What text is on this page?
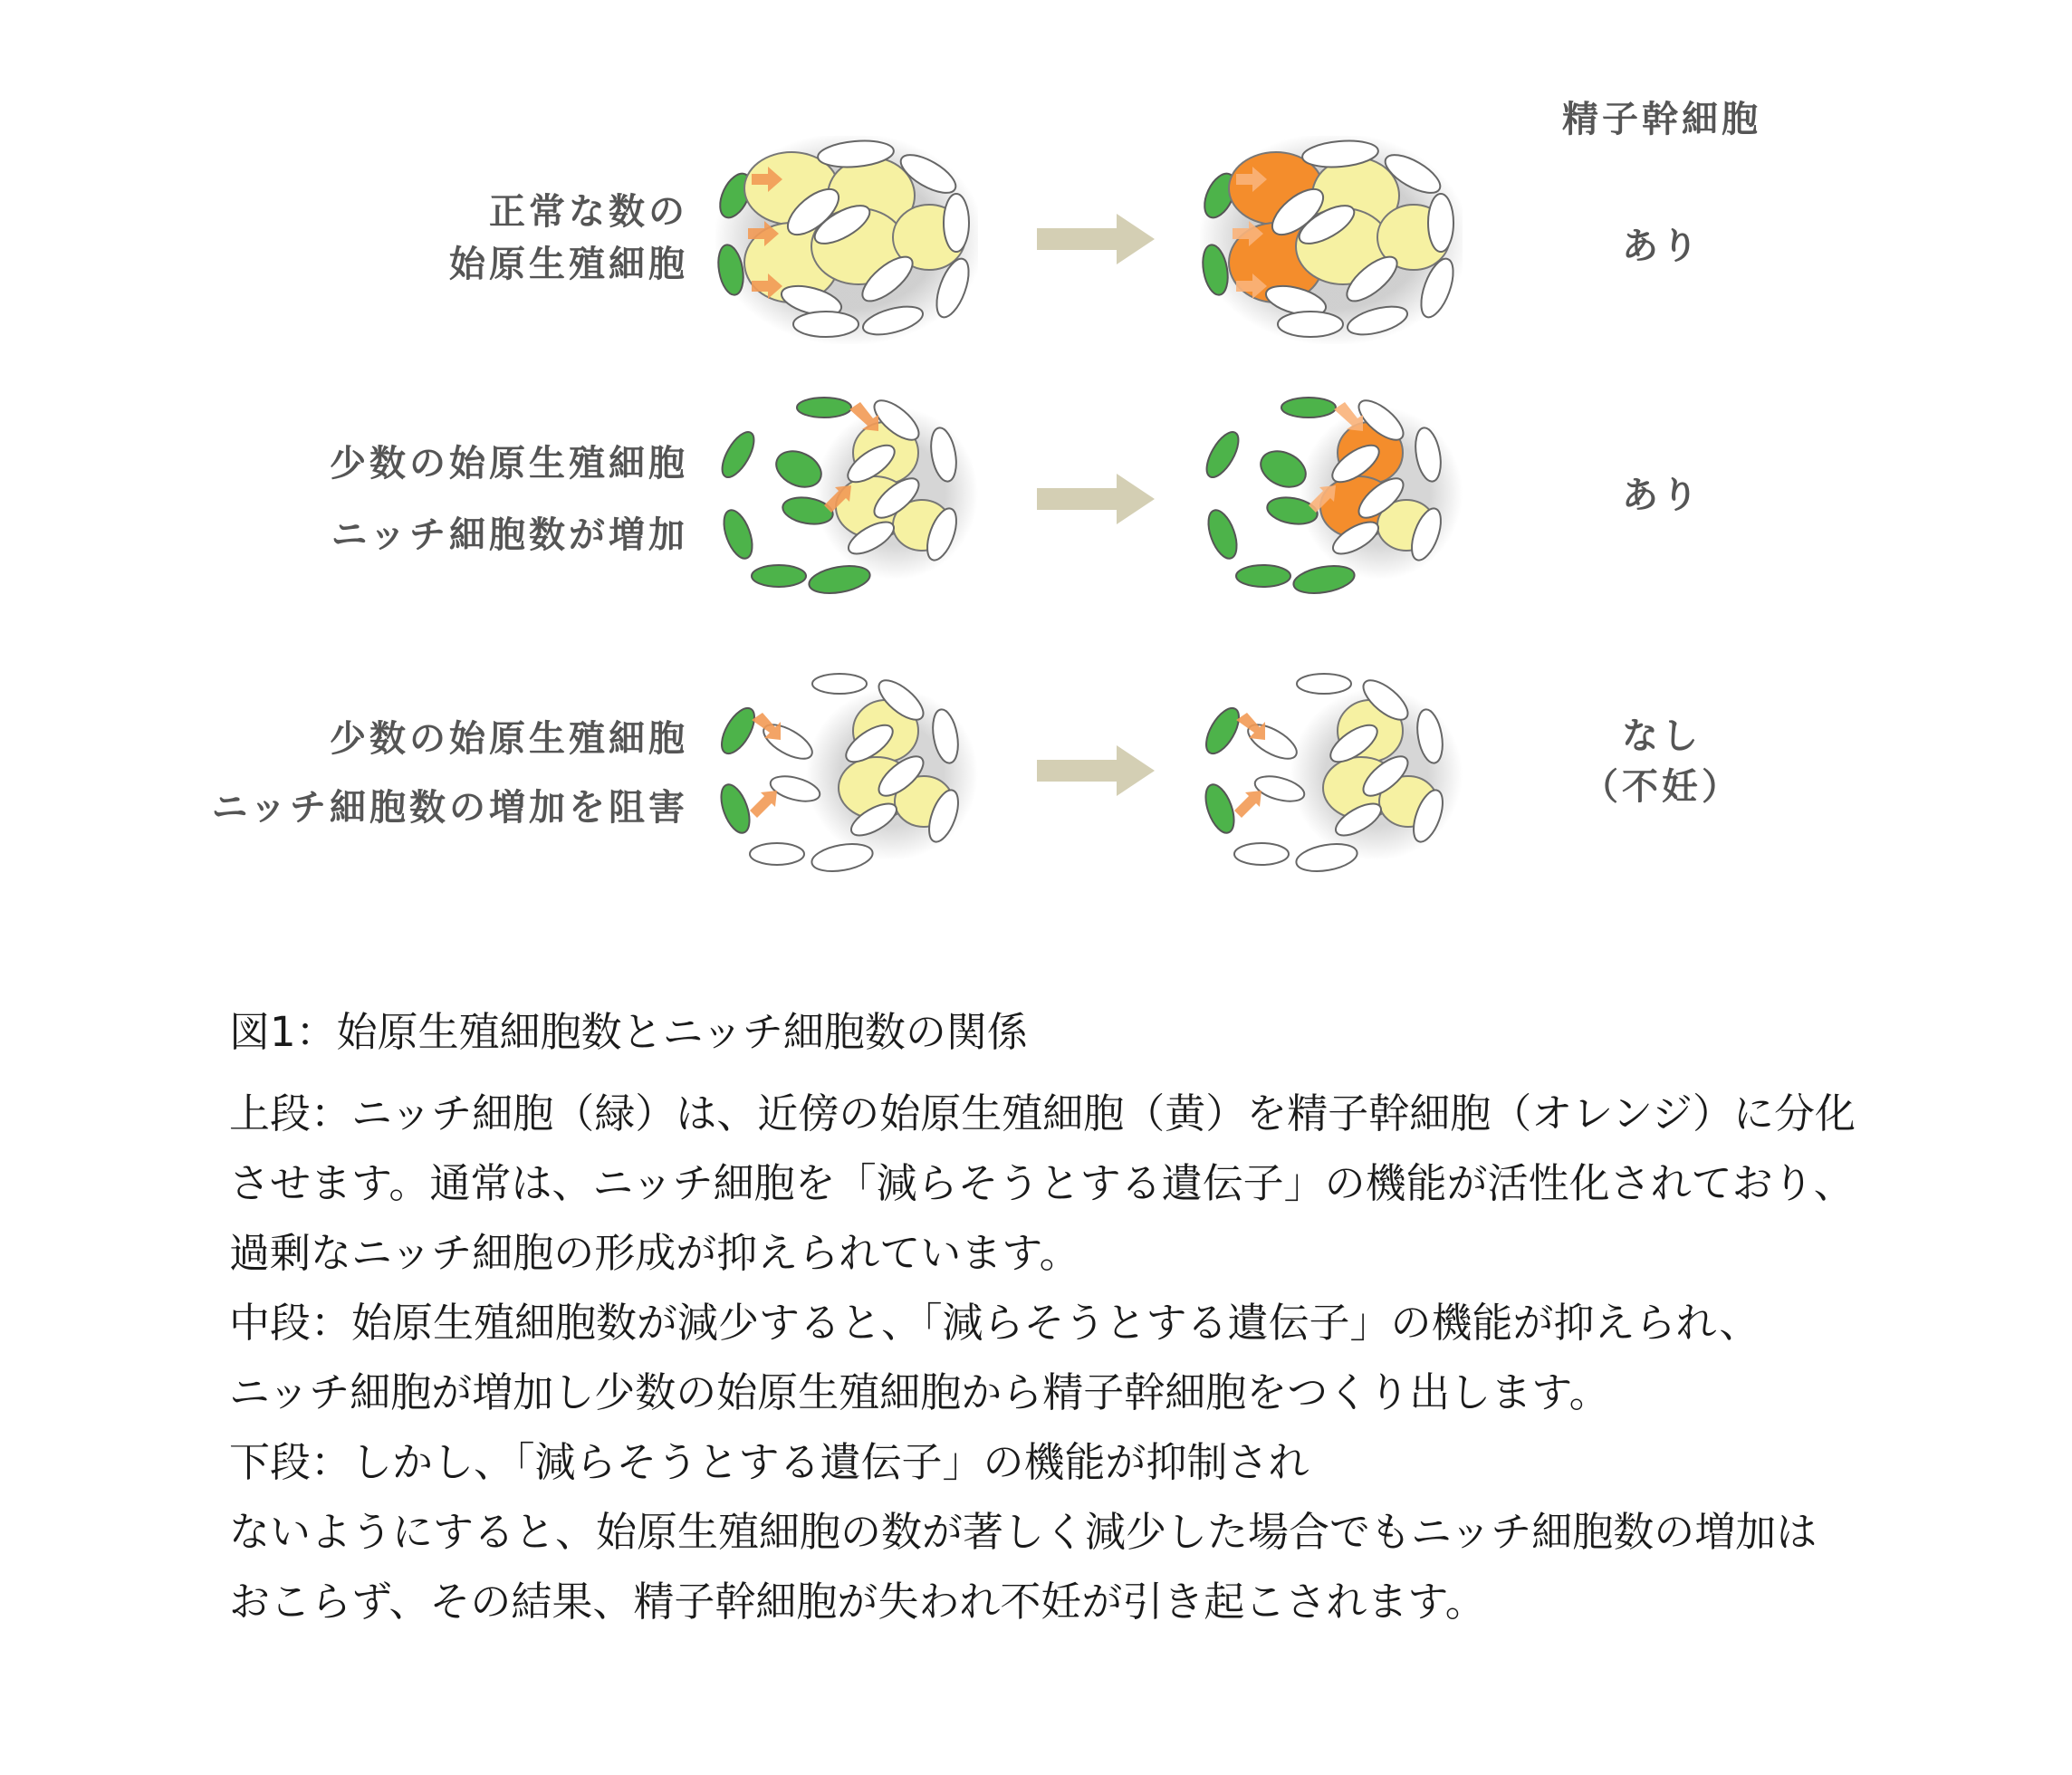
精子幹細胞
正常な数の
始原生殖細胞
少数の始原生殖細胞
ニッチ細胞数が増加
少数の始原生殖細胞
ニッチ細胞数の増加を阻害
あり
あり
なし
（不妊）
図1：始原生殖細胞数とニッチ細胞数の関係
上段：ニッチ細胞（緑）は、近傍の始原生殖細胞（黄）を精子幹細胞（オレンジ）に分化
させます。通常は、ニッチ細胞を「減らそうとする遺伝子」の機能が活性化されており、
過剰なニッチ細胞の形成が抑えられています。
中段：始原生殖細胞数が減少すると、「減らそうとする遺伝子」の機能が抑えられ、
ニッチ細胞が増加し少数の始原生殖細胞から精子幹細胞をつくり出します。
下段：しかし、「減らそうとする遺伝子」の機能が抑制され
ないようにすると、始原生殖細胞の数が著しく減少した場合でもニッチ細胞数の増加は
おこらず、その結果、精子幹細胞が失われ不妊が引き起こされます。
